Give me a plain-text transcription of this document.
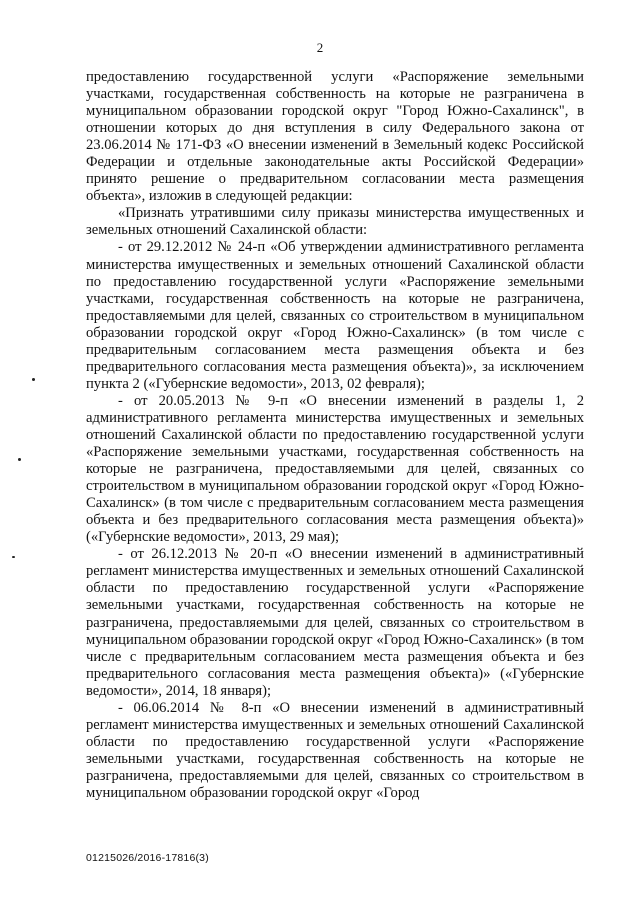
2

предоставлению государственной услуги «Распоряжение земельными участками, государственная собственность на которые не разграничена в муниципальном образовании городской округ "Город Южно-Сахалинск", в отношении которых до дня вступления в силу Федерального закона от 23.06.2014 № 171-ФЗ «О внесении изменений в Земельный кодекс Российской Федерации и отдельные законодательные акты Российской Федерации» принято решение о предварительном согласовании места размещения объекта», изложив в следующей редакции:

«Признать утратившими силу приказы министерства имущественных и земельных отношений Сахалинской области:

- от 29.12.2012 № 24-п «Об утверждении административного регламента министерства имущественных и земельных отношений Сахалинской области по предоставлению государственной услуги «Распоряжение земельными участками, государственная собственность на которые не разграничена, предоставляемыми для целей, связанных со строительством в муниципальном образовании городской округ «Город Южно-Сахалинск» (в том числе с предварительным согласованием места размещения объекта и без предварительного согласования места размещения объекта)», за исключением пункта 2 («Губернские ведомости», 2013, 02 февраля);

- от 20.05.2013 № 9-п «О внесении изменений в разделы 1, 2 административного регламента министерства имущественных и земельных отношений Сахалинской области по предоставлению государственной услуги «Распоряжение земельными участками, государственная собственность на которые не разграничена, предоставляемыми для целей, связанных со строительством в муниципальном образовании городской округ «Город Южно-Сахалинск» (в том числе с предварительным согласованием места размещения объекта и без предварительного согласования места размещения объекта)» («Губернские ведомости», 2013, 29 мая);

- от 26.12.2013 № 20-п «О внесении изменений в административный регламент министерства имущественных и земельных отношений Сахалинской области по предоставлению государственной услуги «Распоряжение земельными участками, государственная собственность на которые не разграничена, предоставляемыми для целей, связанных со строительством в муниципальном образовании городской округ «Город Южно-Сахалинск» (в том числе с предварительным согласованием места размещения объекта и без предварительного согласования места размещения объекта)» («Губернские ведомости», 2014, 18 января);

- 06.06.2014 № 8-п «О внесении изменений в административный регламент министерства имущественных и земельных отношений Сахалинской области по предоставлению государственной услуги «Распоряжение земельными участками, государственная собственность на которые не разграничена, предоставляемыми для целей, связанных со строительством в муниципальном образовании городской округ «Город

01215026/2016-17816(3)
